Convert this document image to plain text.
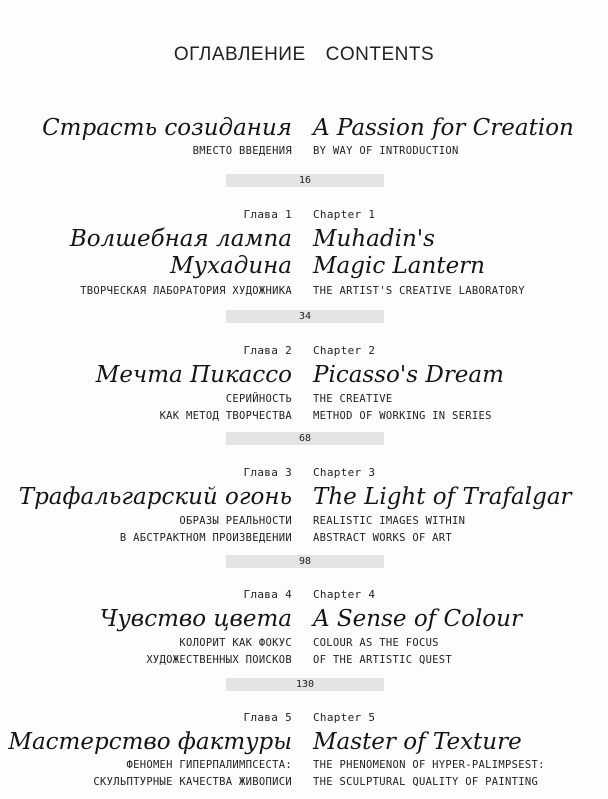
ОГЛАВЛЕНИЕ CONTENTS
Страсть созидания
ВМЕСТО ВВЕДЕНИЯ
A Passion for Creation
BY WAY OF INTRODUCTION
16
Глава 1
Волшебная лампа
Мухадина
ТВОРЧЕСКАЯ ЛАБОРАТОРИЯ ХУДОЖНИКА
Chapter 1
Muhadin's
Magic Lantern
THE ARTIST'S CREATIVE LABORATORY
34
Глава 2
Мечта Пикассо
СЕРИЙНОСТЬ
КАК МЕТОД ТВОРЧЕСТВА
Chapter 2
Picasso's Dream
THE CREATIVE
METHOD OF WORKING IN SERIES
68
Глава 3
Трафальгарский огонь
ОБРАЗЫ РЕАЛЬНОСТИ
В АБСТРАКТНОМ ПРОИЗВЕДЕНИИ
Chapter 3
The Light of Trafalgar
REALISTIC IMAGES WITHIN
ABSTRACT WORKS OF ART
98
Глава 4
Чувство цвета
КОЛОРИТ КАК ФОКУС
ХУДОЖЕСТВЕННЫХ ПОИСКОВ
Chapter 4
A Sense of Colour
COLOUR AS THE FOCUS
OF THE ARTISTIC QUEST
130
Глава 5
Мастерство фактуры
ФЕНОМЕН ГИПЕРПАЛИМПСЕСТА:
СКУЛЬПТУРНЫЕ КАЧЕСТВА ЖИВОПИСИ
Chapter 5
Master of Texture
THE PHENOMENON OF HYPER-PALIMPSEST:
THE SCULPTURAL QUALITY OF PAINTING
